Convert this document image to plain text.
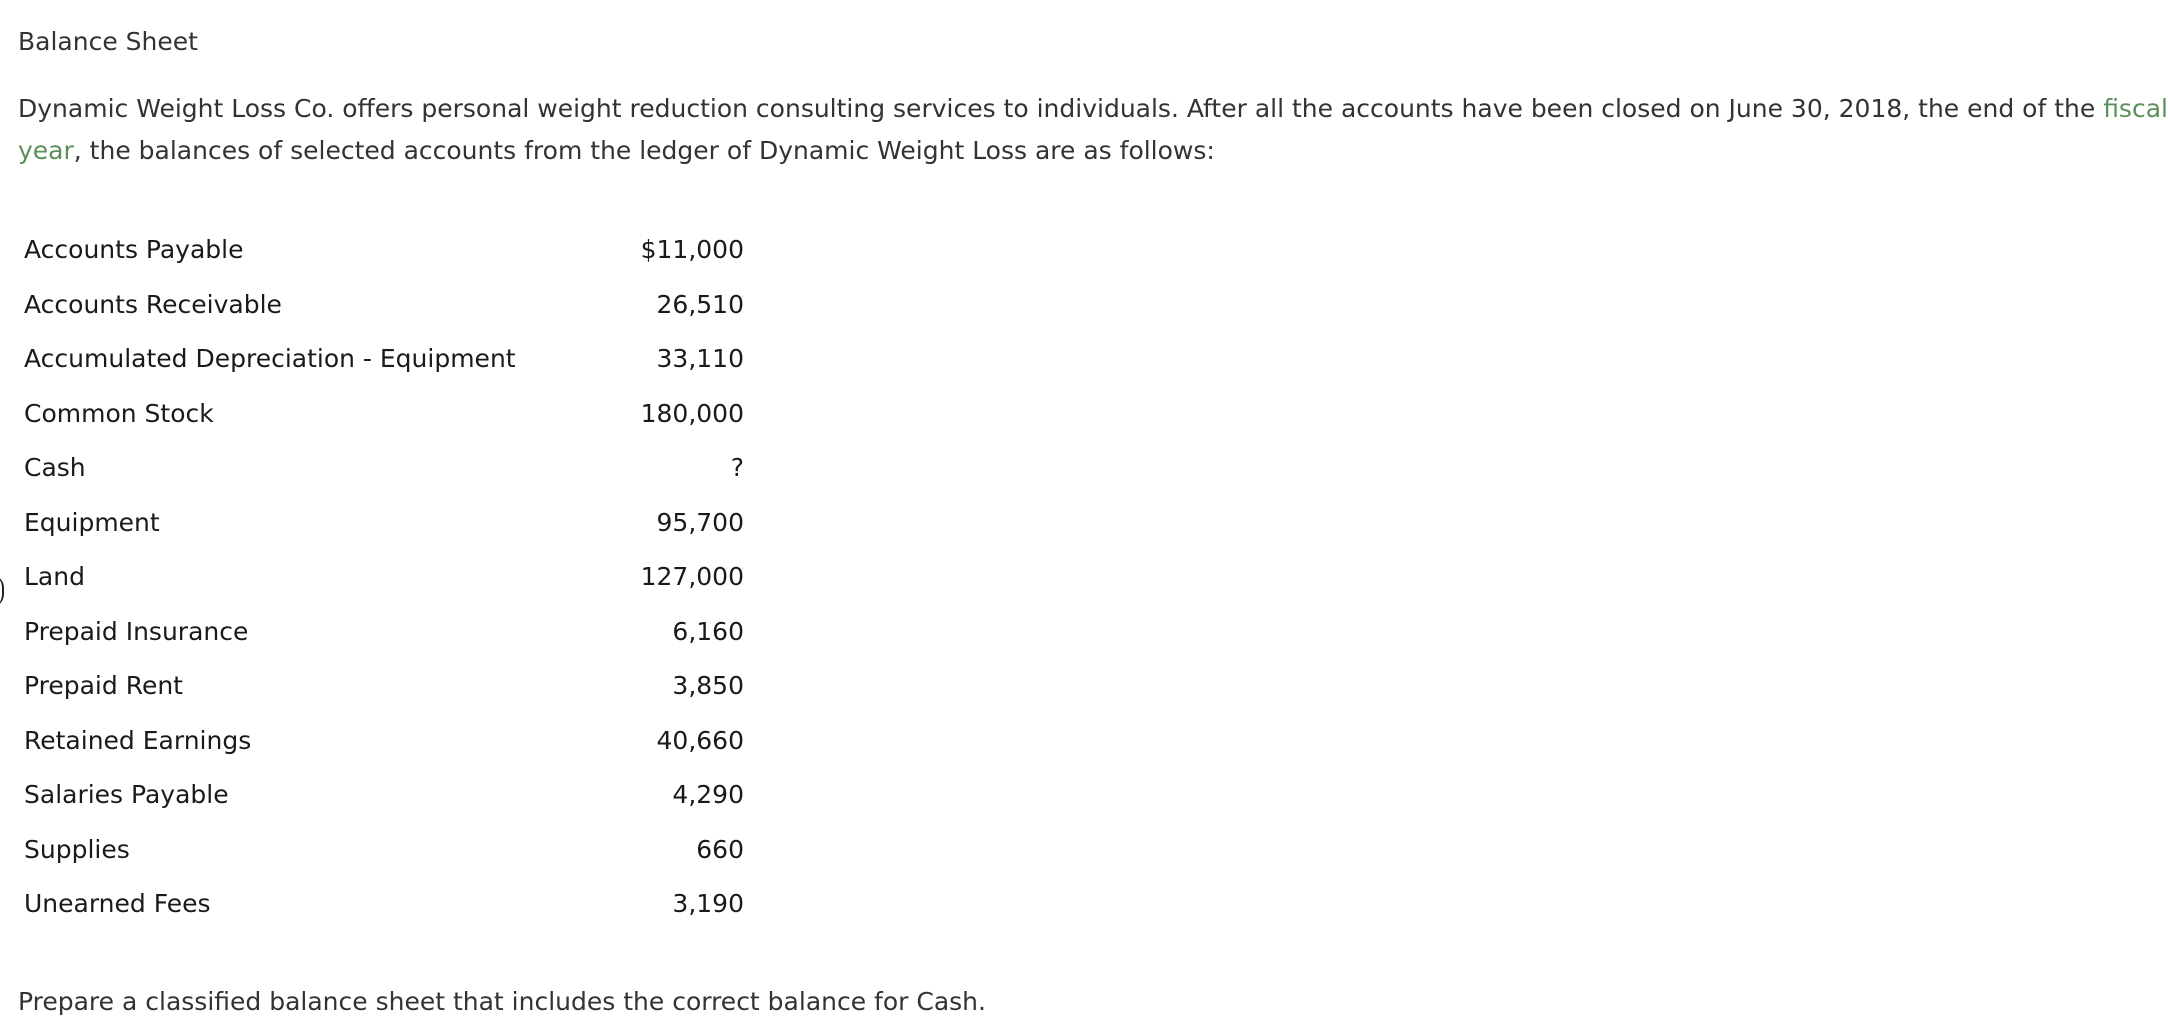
Balance Sheet
Dynamic Weight Loss Co. offers personal weight reduction consulting services to individuals. After all the accounts have been closed on June 30, 2018, the end of the fiscal
year, the balances of selected accounts from the ledger of Dynamic Weight Loss are as follows:
Accounts Payable	$11,000
Accounts Receivable	26,510
Accumulated Depreciation - Equipment	33,110
Common Stock	180,000
Cash	?
Equipment	95,700
Land	127,000
Prepaid Insurance	6,160
Prepaid Rent	3,850
Retained Earnings	40,660
Salaries Payable	4,290
Supplies	660
Unearned Fees	3,190
Prepare a classified balance sheet that includes the correct balance for Cash.
